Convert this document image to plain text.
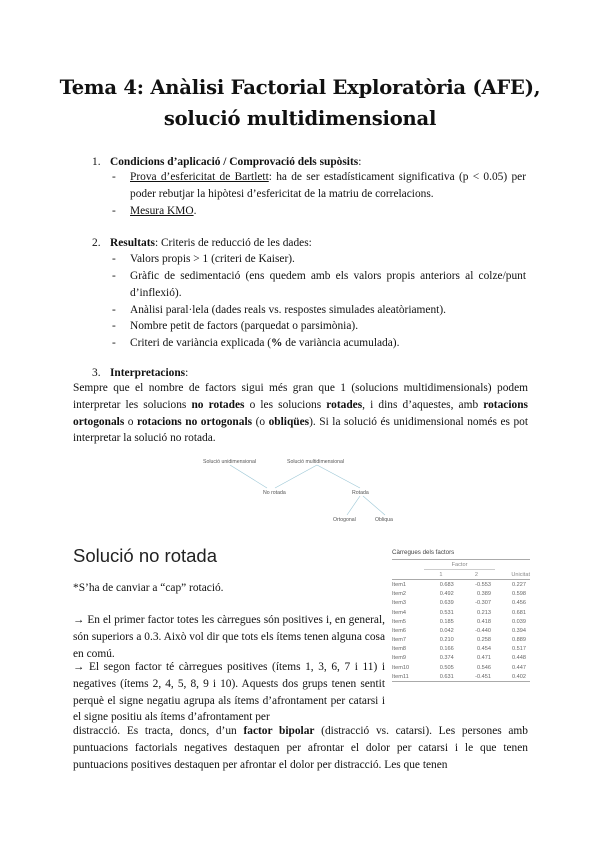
Tema 4: Anàlisi Factorial Exploratòria (AFE),
solució multidimensional
1. Condicions d’aplicació / Comprovació dels supòsits:
- Prova d’esfericitat de Bartlett: ha de ser estadísticament significativa (p < 0.05) per poder rebutjar la hipòtesi d’esfericitat de la matriu de correlacions.
- Mesura KMO.
2. Resultats: Criteris de reducció de les dades:
- Valors propis > 1 (criteri de Kaiser).
- Gràfic de sedimentació (ens quedem amb els valors propis anteriors al colze/punt d’inflexió).
- Anàlisi paral·lela (dades reals vs. respostes simulades aleatòriament).
- Nombre petit de factors (parquedat o parsimònia).
- Criteri de variància explicada (% de variància acumulada).
3. Interpretacions:
Sempre que el nombre de factors sigui més gran que 1 (solucions multidimensionals) podem interpretar les solucions no rotades o les solucions rotades, i dins d’aquestes, amb rotacions ortogonals o rotacions no ortogonals (o obliqües). Si la solució és unidimensional només es pot interpretar la solució no rotada.
Solució unidimensional	Solució multidimensional
No rotada	Rotada
Ortogonal	Obliqua
Solució no rotada
*S’ha de canviar a “cap” rotació.
→ En el primer factor totes les càrregues són positives i, en general, són superiors a 0.3. Això vol dir que tots els ítems tenen alguna cosa en comú.
→ El segon factor té càrregues positives (ítems 1, 3, 6, 7 i 11) i negatives (ítems 2, 4, 5, 8, 9 i 10). Aquests dos grups tenen sentit perquè el signe negatiu agrupa als ítems d’afrontament per catarsi i el signe positiu als ítems d’afrontament per
distracció. Es tracta, doncs, d’un factor bipolar (distracció vs. catarsi). Les persones amb puntuacions factorials negatives destaquen per afrontar el dolor per catarsi i le que tenen puntuacions positives destaquen per afrontar el dolor per distracció. Les que tenen
Càrregues dels factors
	Factor		
	1	2	Unicitat
Item1	0.683	-0.553	0.227
Item2	0.492	0.389	0.598
Item3	0.639	-0.307	0.456
Item4	0.531	0.213	0.681
Item5	0.185	0.418	0.039
Item6	0.042	-0.440	0.394
Item7	0.210	0.258	0.889
Item8	0.166	0.454	0.517
Item9	0.374	0.471	0.448
Item10	0.505	0.546	0.447
Item11	0.631	-0.451	0.402
